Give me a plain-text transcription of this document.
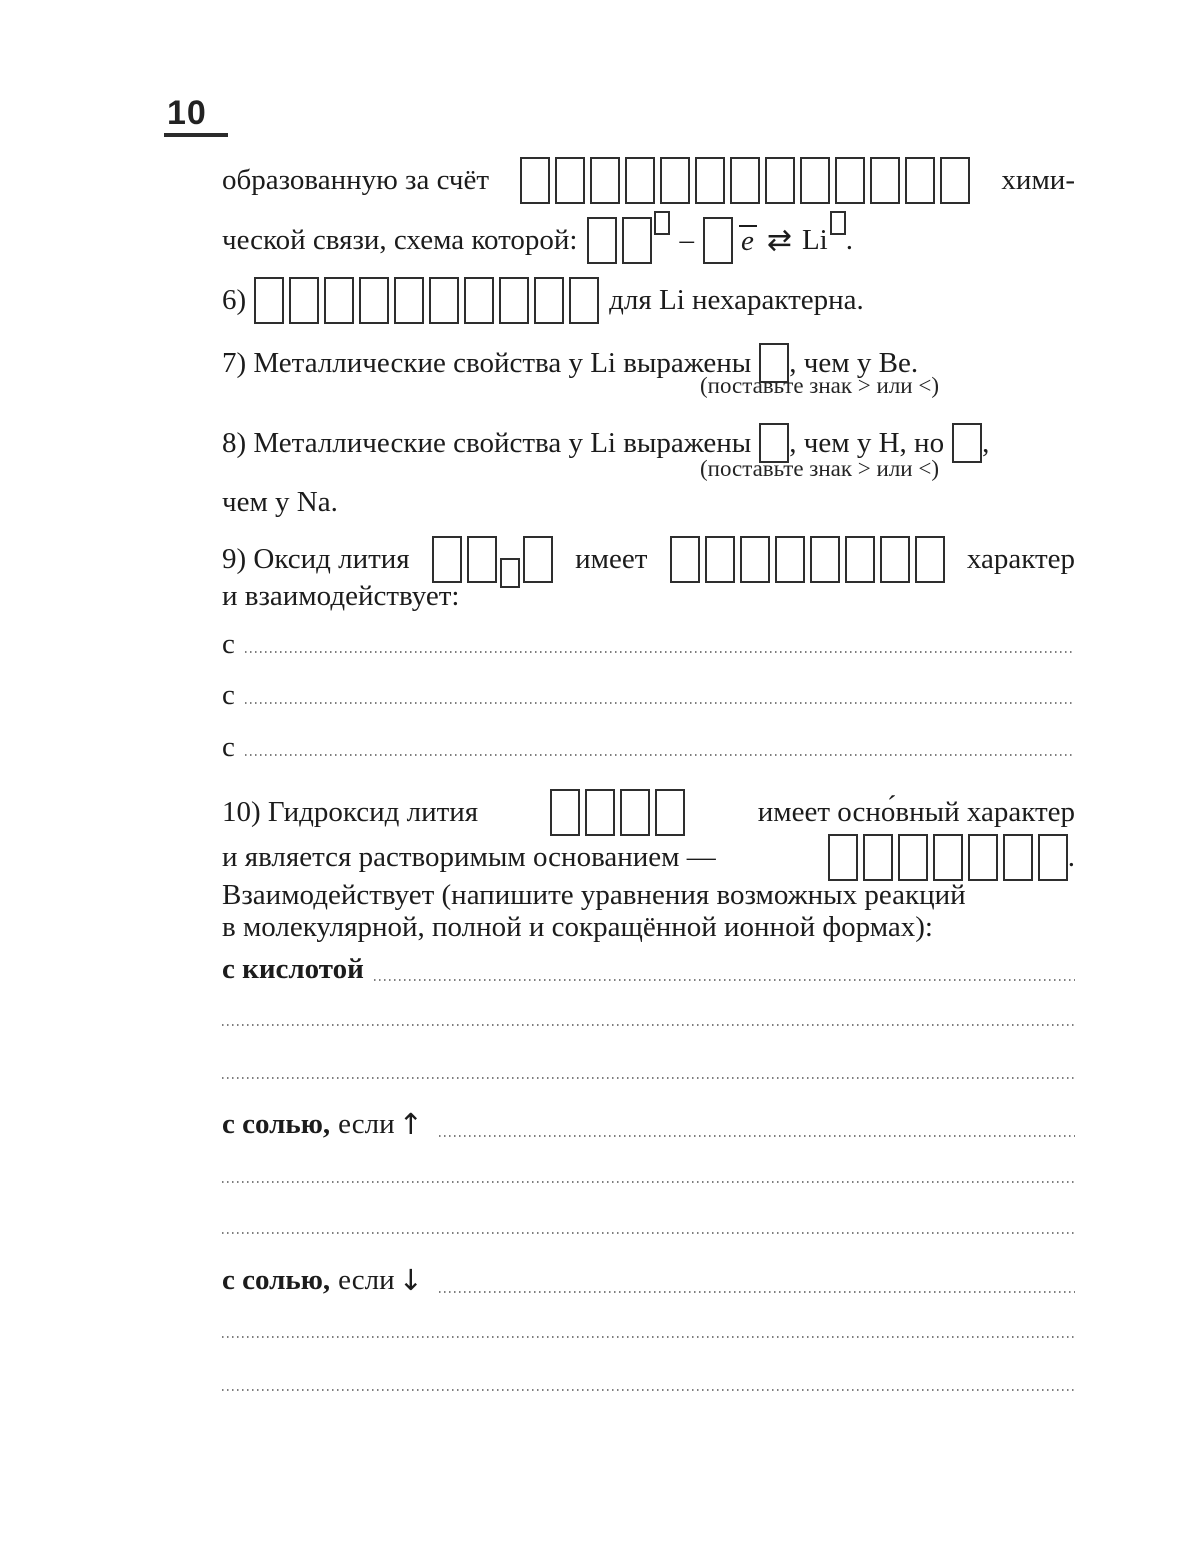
10
образованную за счёт	хими-
ческой связи, схема которой:	– e ⇄ Li .
6)	для Li нехарактерна.
7) Металлические свойства у Li выражены , чем у Be.
(поставьте знак > или <)
8) Металлические свойства у Li выражены , чем у H, но ,
(поставьте знак > или <)
чем у Na.
9) Оксид лития	имеет	характер
и взаимодействует:
с
с
с
10) Гидроксид лития	имеет осно́вный характер
и является растворимым основанием —	.
Взаимодействует (напишите уравнения возможных реакций
в молекулярной, полной и сокращённой ионной формах):
с кислотой
с солью, если ↑
с солью, если ↓
